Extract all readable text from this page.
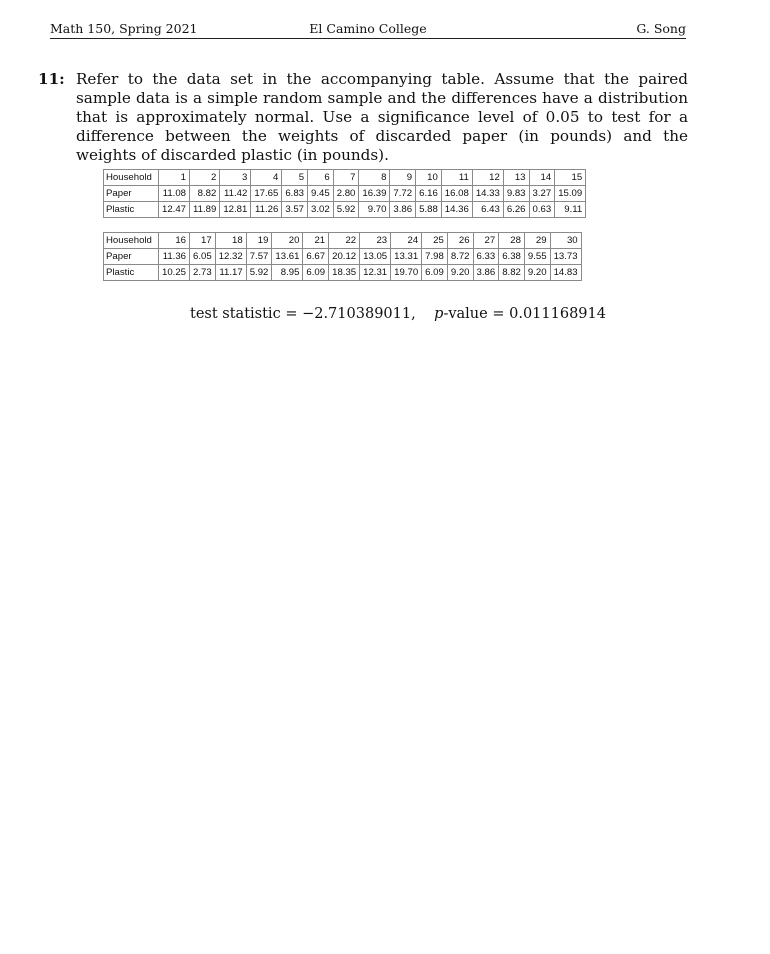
Math 150, Spring 2021	El Camino College	G. Song
11: Refer to the data set in the accompanying table. Assume that the paired sample data is a simple random sample and the differences have a distribution that is approximately normal. Use a significance level of 0.05 to test for a difference between the weights of discarded paper (in pounds) and the weights of discarded plastic (in pounds).
Household	1	2	3	4	5	6	7	8	9	10	11	12	13	14	15
Paper	11.08	8.82	11.42	17.65	6.83	9.45	2.80	16.39	7.72	6.16	16.08	14.33	9.83	3.27	15.09
Plastic	12.47	11.89	12.81	11.26	3.57	3.02	5.92	9.70	3.86	5.88	14.36	6.43	6.26	0.63	9.11
Household	16	17	18	19	20	21	22	23	24	25	26	27	28	29	30
Paper	11.36	6.05	12.32	7.57	13.61	6.67	20.12	13.05	13.31	7.98	8.72	6.33	6.38	9.55	13.73
Plastic	10.25	2.73	11.17	5.92	8.95	6.09	18.35	12.31	19.70	6.09	9.20	3.86	8.82	9.20	14.83
test statistic = −2.710389011, p-value = 0.011168914
